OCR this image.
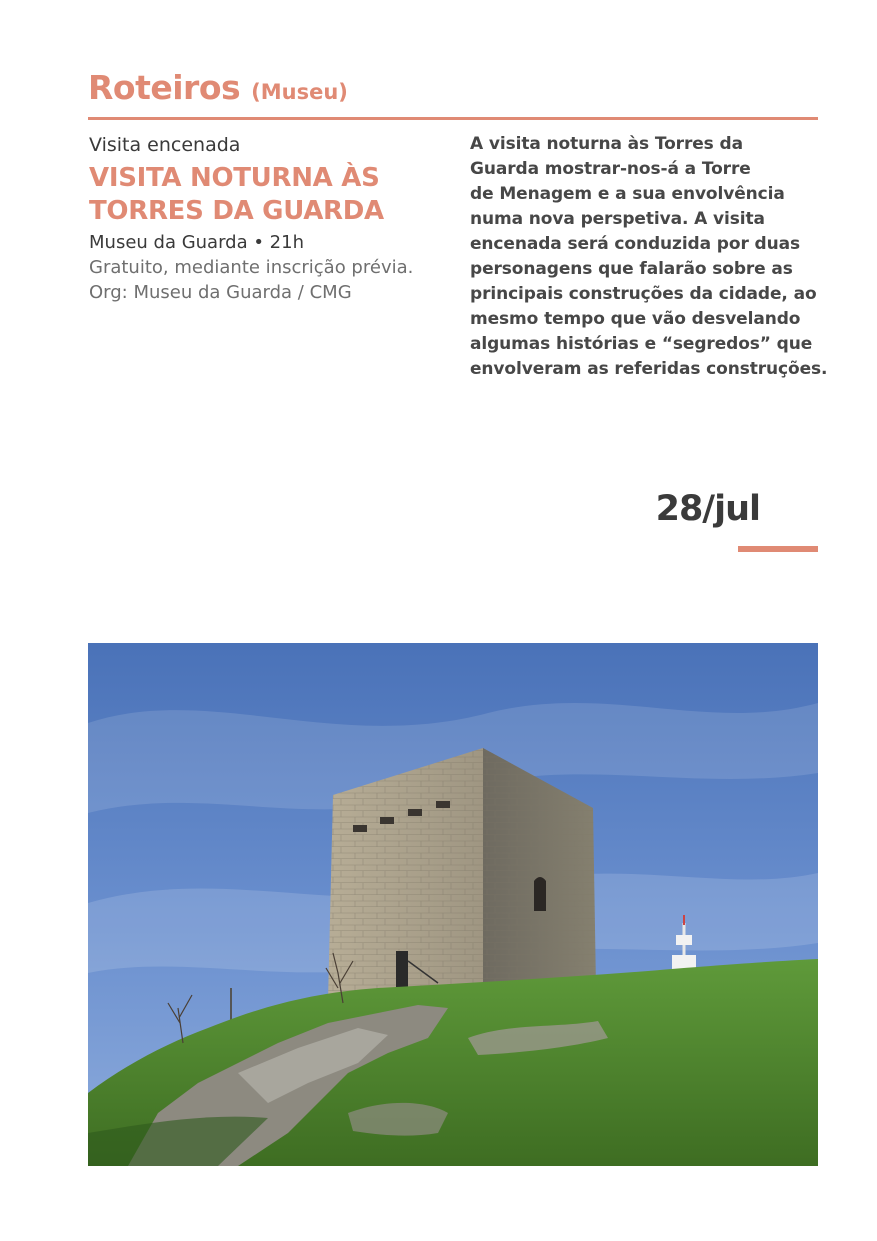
Roteiros (Museu)
Visita encenada
VISITA NOTURNA ÀS
TORRES DA GUARDA
Museu da Guarda • 21h
Gratuito, mediante inscrição prévia.
Org: Museu da Guarda / CMG
A visita noturna às Torres da
Guarda mostrar-nos-á a Torre
de Menagem e a sua envolvência
numa nova perspetiva. A visita
encenada será conduzida por duas
personagens que falarão sobre as
principais construções da cidade, ao
mesmo tempo que vão desvelando
algumas histórias e “segredos” que
envolveram as referidas construções.
28/jul
